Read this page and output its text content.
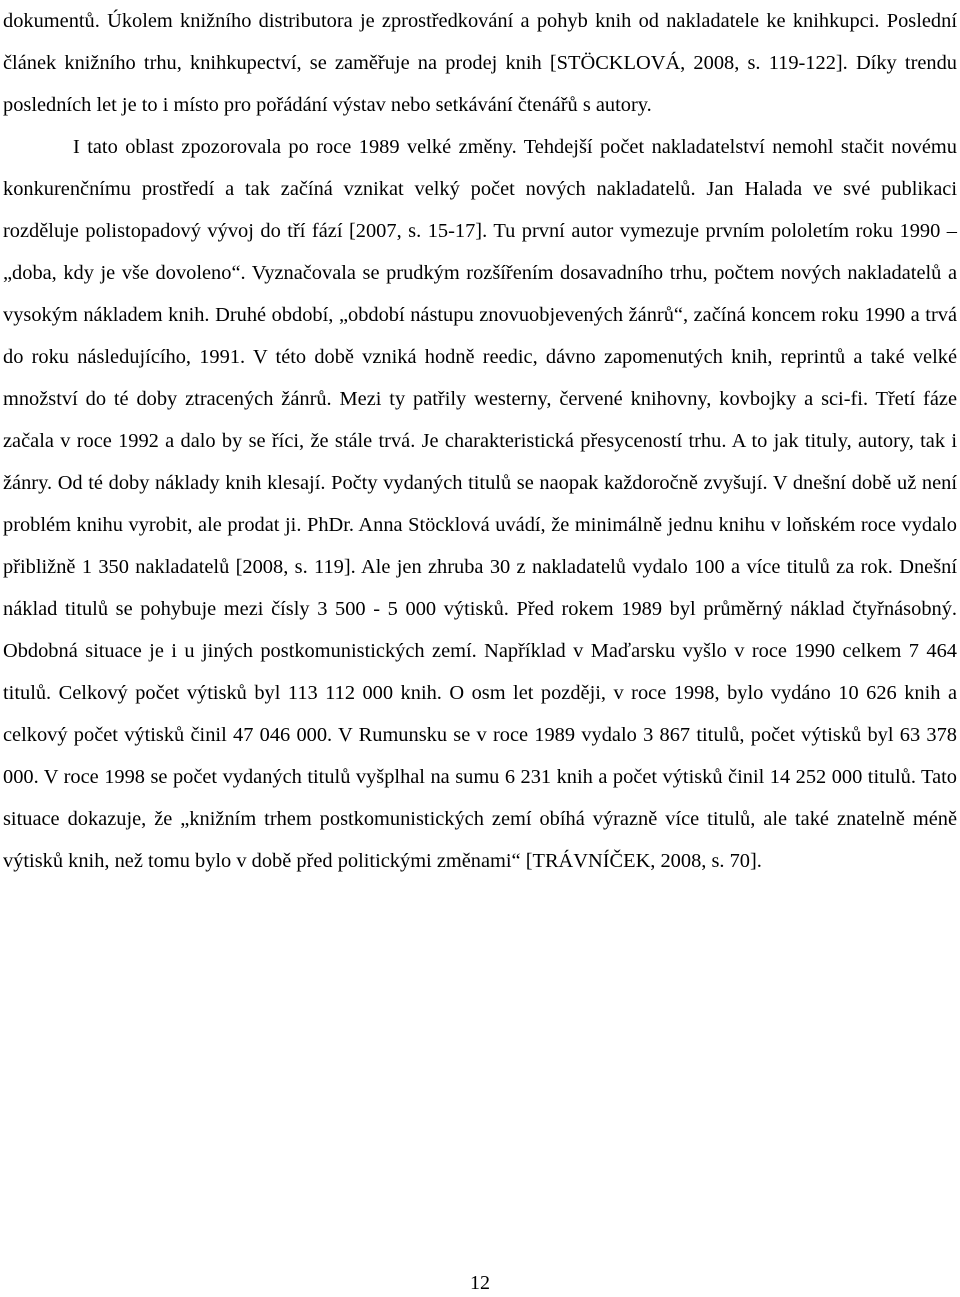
dokumentů. Úkolem knižního distributora je zprostředkování a pohyb knih od nakladatele ke knihkupci. Poslední článek knižního trhu, knihkupectví, se zaměřuje na prodej knih [STÖCKLOVÁ, 2008, s. 119-122]. Díky trendu posledních let je to i místo pro pořádání výstav nebo setkávání čtenářů s autory.

I tato oblast zpozorovala po roce 1989 velké změny. Tehdejší počet nakladatelství nemohl stačit novému konkurenčnímu prostředí a tak začíná vznikat velký počet nových nakladatelů. Jan Halada ve své publikaci rozděluje polistopadový vývoj do tří fází [2007, s. 15-17]. Tu první autor vymezuje prvním pololetím roku 1990 – „doba, kdy je vše dovoleno“. Vyznačovala se prudkým rozšířením dosavadního trhu, počtem nových nakladatelů a vysokým nákladem knih. Druhé období, „období nástupu znovuobjevených žánrů“, začíná koncem roku 1990 a trvá do roku následujícího, 1991. V této době vzniká hodně reedic, dávno zapomenutých knih, reprintů a také velké množství do té doby ztracených žánrů. Mezi ty patřily westerny, červené knihovny, kovbojky a sci-fi. Třetí fáze začala v roce 1992 a dalo by se říci, že stále trvá. Je charakteristická přesyceností trhu. A to jak tituly, autory, tak i žánry. Od té doby náklady knih klesají. Počty vydaných titulů se naopak každoročně zvyšují. V dnešní době už není problém knihu vyrobit, ale prodat ji. PhDr. Anna Stöcklová uvádí, že minimálně jednu knihu v loňském roce vydalo přibližně 1 350 nakladatelů [2008, s. 119]. Ale jen zhruba 30 z nakladatelů vydalo 100 a více titulů za rok. Dnešní náklad titulů se pohybuje mezi čísly 3 500 - 5 000 výtisků. Před rokem 1989 byl průměrný náklad čtyřnásobný. Obdobná situace je i u jiných postkomunistických zemí. Například v Maďarsku vyšlo v roce 1990 celkem 7 464 titulů. Celkový počet výtisků byl 113 112 000 knih. O osm let později, v roce 1998, bylo vydáno 10 626 knih a celkový počet výtisků činil 47 046 000. V Rumunsku se v roce 1989 vydalo 3 867 titulů, počet výtisků byl 63 378 000. V roce 1998 se počet vydaných titulů vyšplhal na sumu 6 231 knih a počet výtisků činil 14 252 000 titulů. Tato situace dokazuje, že „knižním trhem postkomunistických zemí obíhá výrazně více titulů, ale také znatelně méně výtisků knih, než tomu bylo v době před politickými změnami“ [TRÁVNÍČEK, 2008, s. 70].

12
